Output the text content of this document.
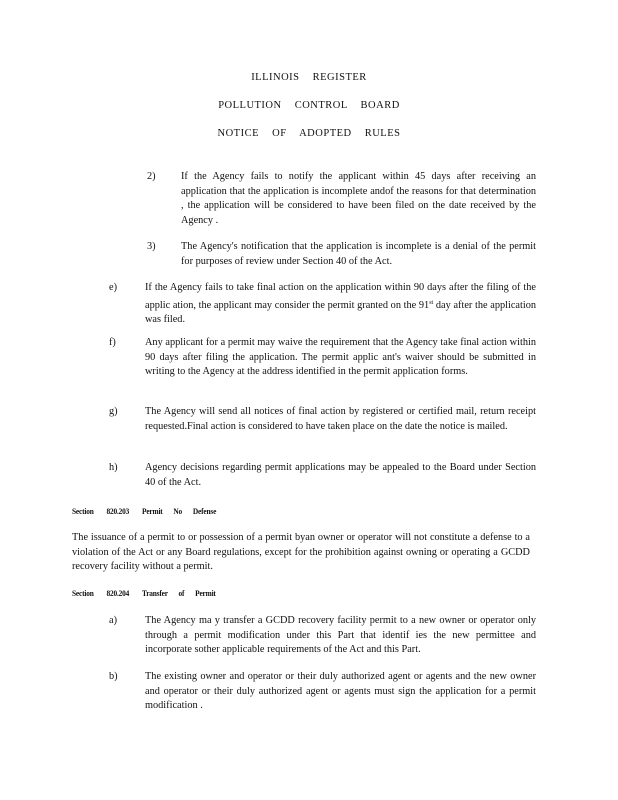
ILLINOIS REGISTER
POLLUTION CONTROL BOARD
NOTICE OF ADOPTED RULES
2) If the Agency fails to notify the applicant within 45 days after receiving an application that the application is incomplete andof the reasons for that determination , the application will be considered to have been filed on the date received by the Agency .
3) The Agency's notification that the application is incomplete is a denial of the permit for purposes of review under Section 40 of the Act.
e)	If the Agency fails to take final action on the application within 90 days after the filing of the applic ation, the applicant may consider the permit granted on the 91st day after the application was filed.
f)	Any applicant for a permit may waive the requirement that the Agency take final action within 90 days after filing the application. The permit applic ant's waiver should be submitted in writing to the Agency at the address identified in the permit application forms.
g)	The Agency will send all notices of final action by registered or certified mail, return receipt requested.Final action is considered to have taken place on the date the notice is mailed.
h)	Agency decisions regarding permit applications may be appealed to the Board under Section 40 of the Act.
Section 820.203 Permit No Defense
The issuance of a permit to or possession of a permit byan owner or operator will not constitute a defense to a violation of the Act or any Board regulations, except for the prohibition against owning or operating a GCDD recovery facility without a permit.
Section 820.204 Transfer of Permit
a)	The Agency ma y transfer a GCDD recovery facility permit to a new owner or operator only through a permit modification under this Part that identif ies the new permittee and incorporate sother applicable requirements of the Act and this Part.
b)	The existing owner and operator or their duly authorized agent or agents and the new owner and operator or their duly authorized agent or agents must sign the application for a permit modification .
